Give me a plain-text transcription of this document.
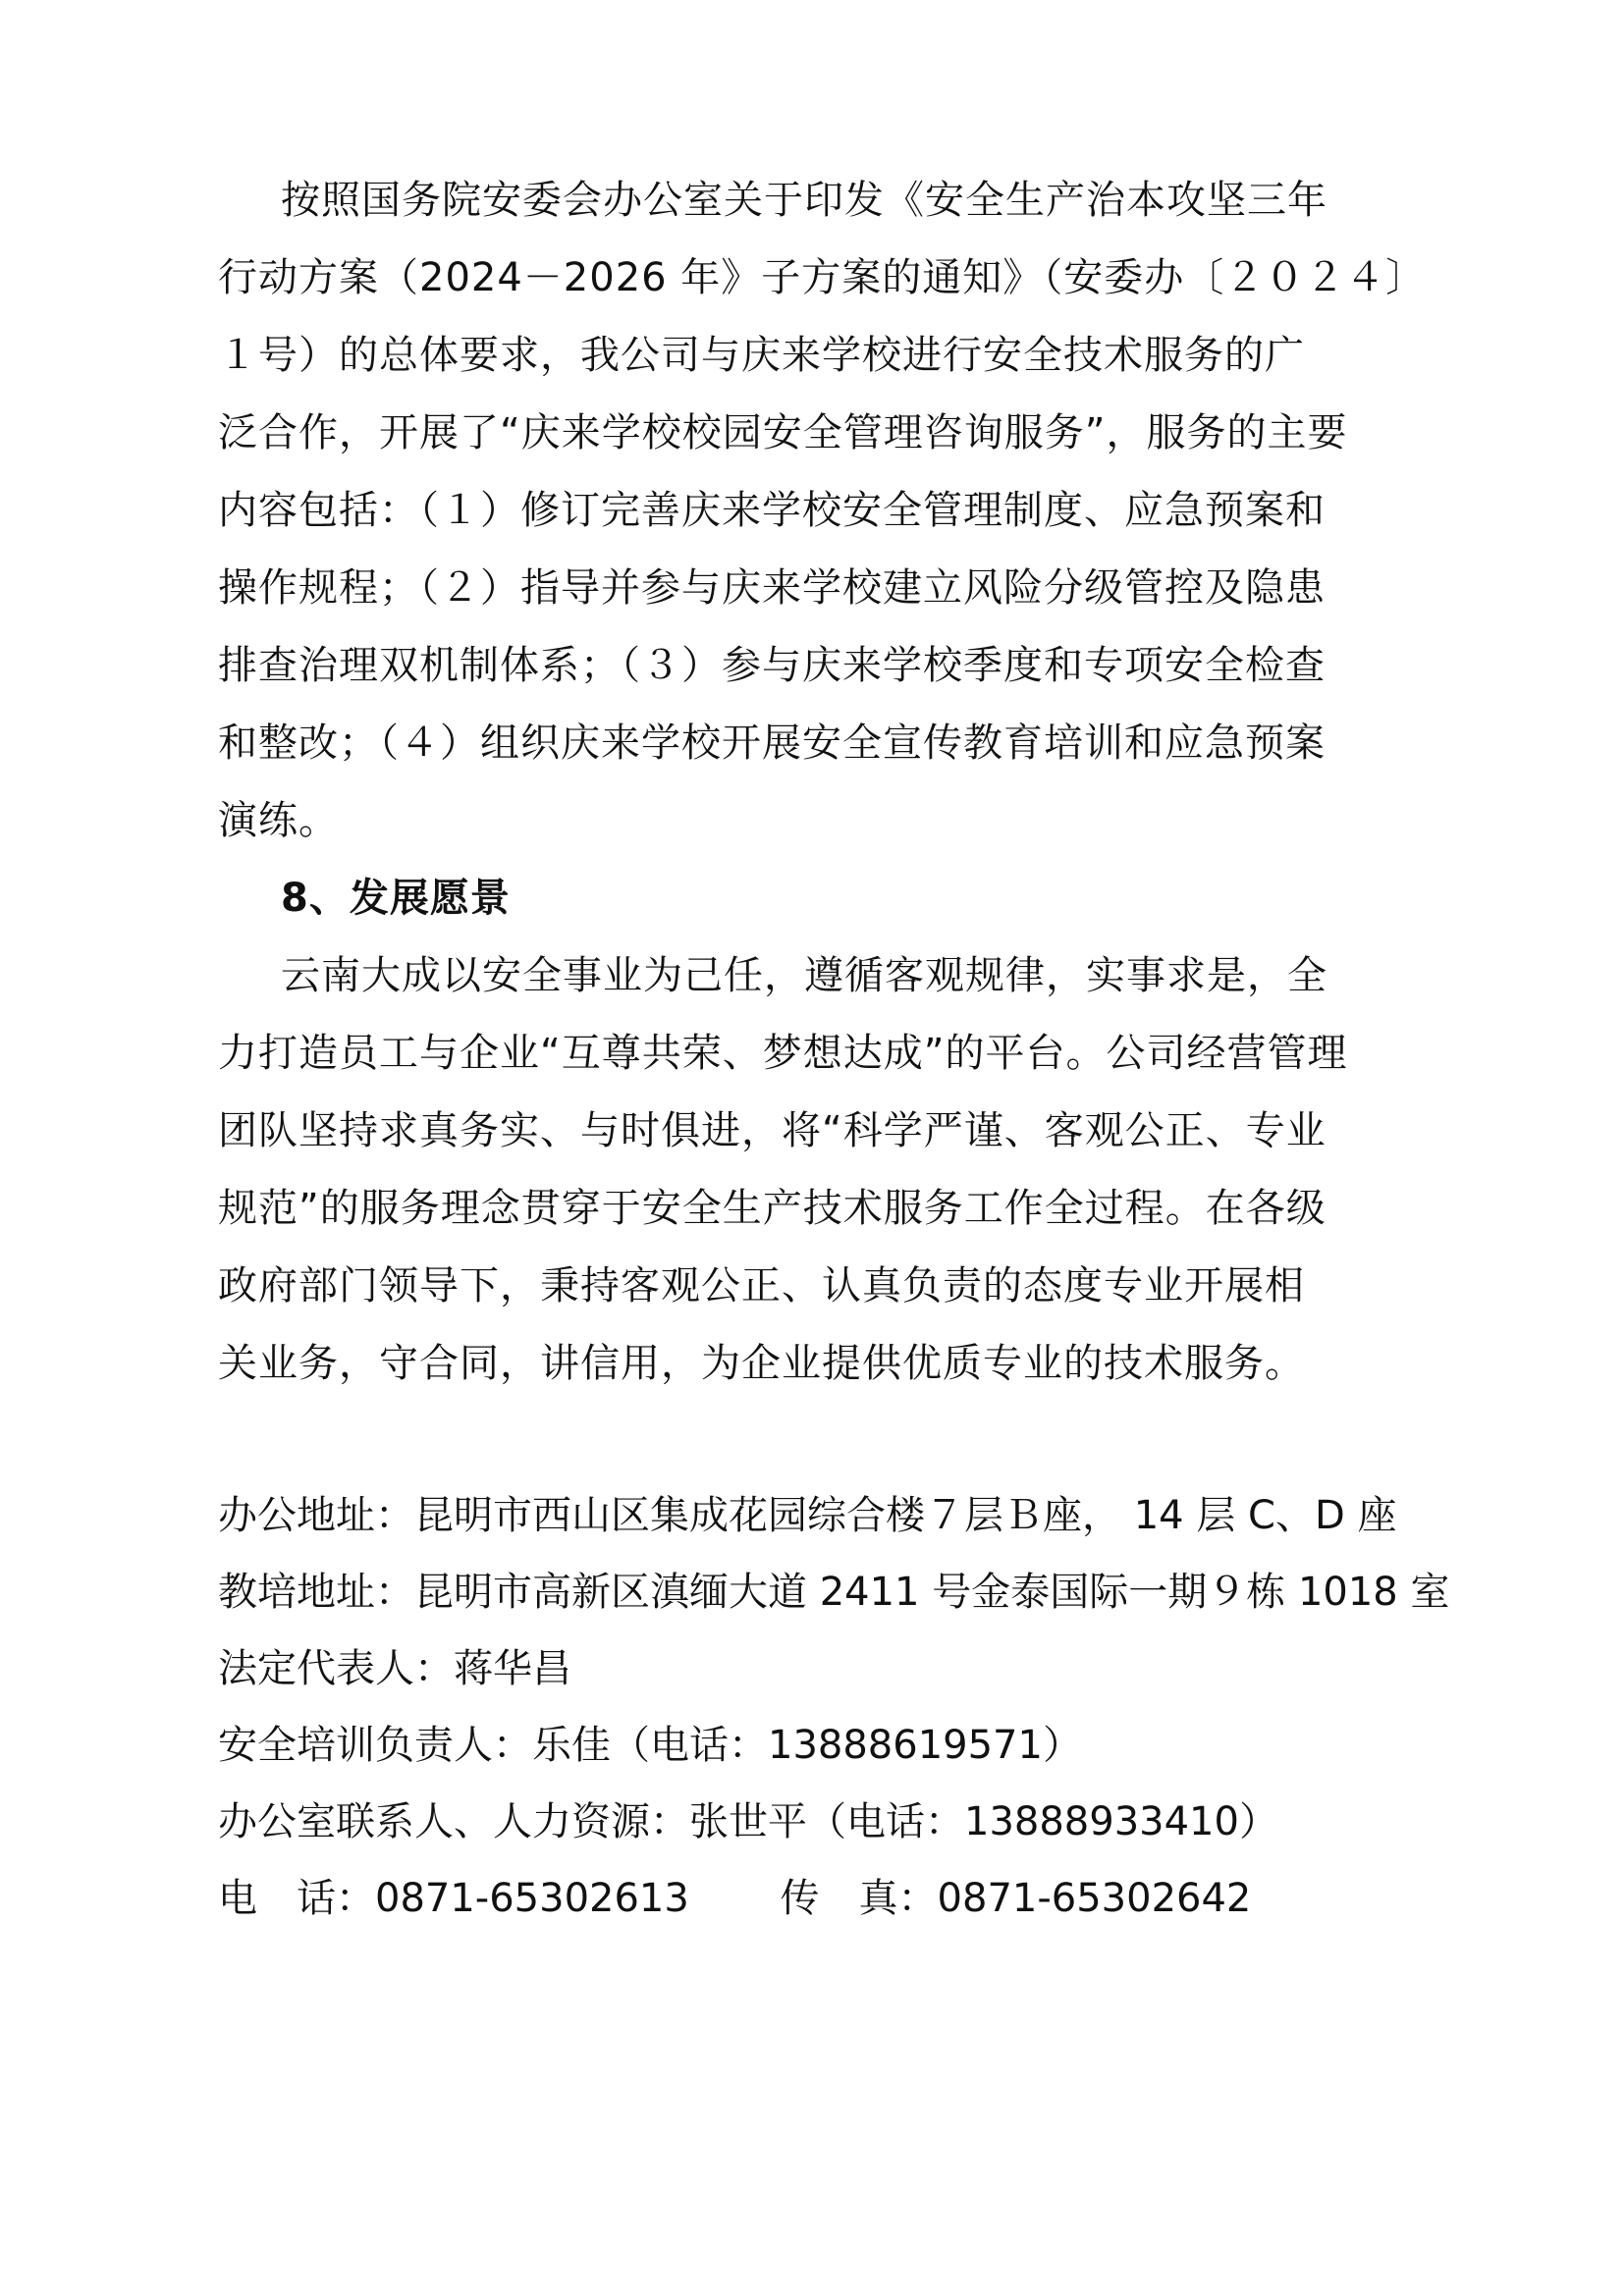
按照国务院安委会办公室关于印发《安全生产治本攻坚三年
行动方案（2024－2026 年》子方案的通知》（安委办〔２０２４〕
１号）的总体要求，我公司与庆来学校进行安全技术服务的广
泛合作，开展了“庆来学校校园安全管理咨询服务”，服务的主要
内容包括：（１）修订完善庆来学校安全管理制度、应急预案和
操作规程；（２）指导并参与庆来学校建立风险分级管控及隐患
排查治理双机制体系；（３）参与庆来学校季度和专项安全检查
和整改；（４）组织庆来学校开展安全宣传教育培训和应急预案
演练。
8、发展愿景
云南大成以安全事业为己任，遵循客观规律，实事求是，全
力打造员工与企业“互尊共荣、梦想达成”的平台。公司经营管理
团队坚持求真务实、与时俱进，将“科学严谨、客观公正、专业
规范”的服务理念贯穿于安全生产技术服务工作全过程。在各级
政府部门领导下，秉持客观公正、认真负责的态度专业开展相
关业务，守合同，讲信用，为企业提供优质专业的技术服务。
办公地址：昆明市西山区集成花园综合楼７层Ｂ座， 14 层 C、D 座
教培地址：昆明市高新区滇缅大道 2411 号金泰国际一期９栋 1018 室
法定代表人：蒋华昌
安全培训负责人：乐佳（电话：13888619571）
办公室联系人、人力资源：张世平（电话：13888933410）
电　话：0871-65302613 传　真：0871-65302642
